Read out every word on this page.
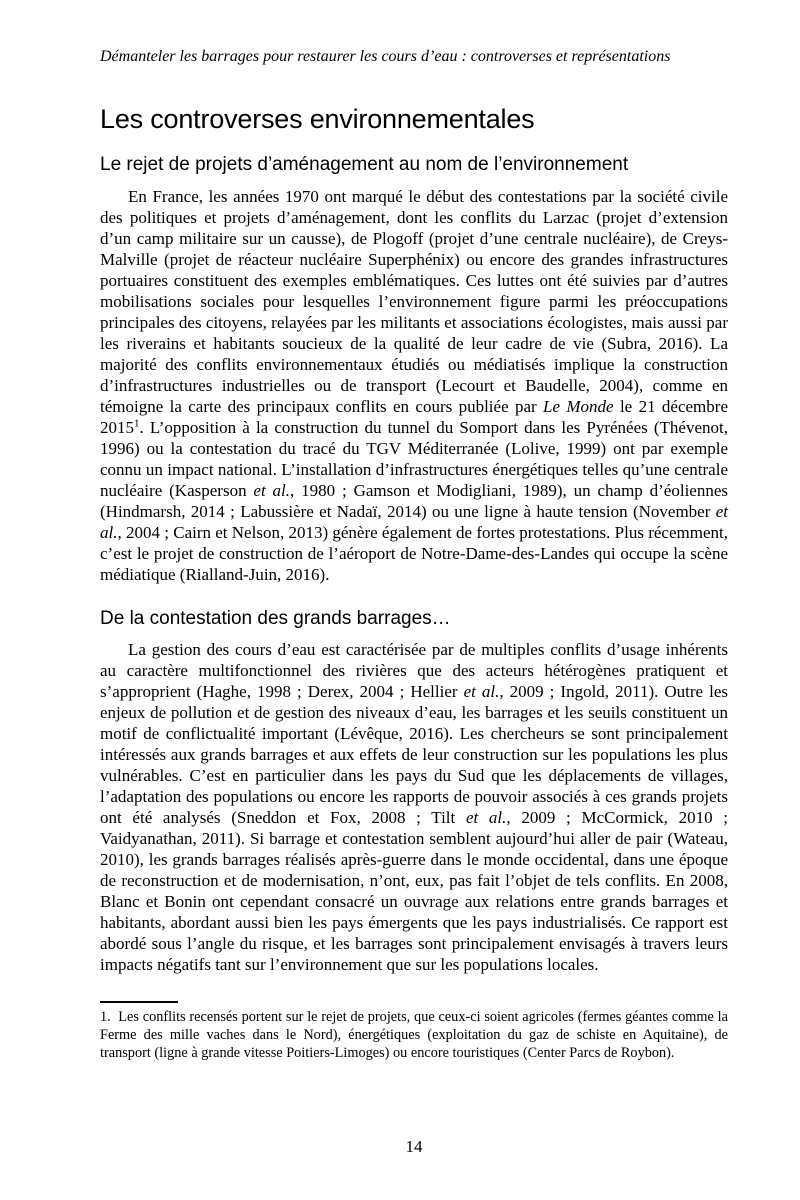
Démanteler les barrages pour restaurer les cours d’eau : controverses et représentations
Les controverses environnementales
Le rejet de projets d’aménagement au nom de l’environnement

En France, les années 1970 ont marqué le début des contestations par la société civile des politiques et projets d’aménagement, dont les conflits du Larzac (projet d’extension d’un camp militaire sur un causse), de Plogoff (projet d’une centrale nucléaire), de Creys-Malville (projet de réacteur nucléaire Superphénix) ou encore des grandes infrastructures portuaires constituent des exemples emblématiques. Ces luttes ont été suivies par d’autres mobilisations sociales pour lesquelles l’environnement figure parmi les préoccupations principales des citoyens, relayées par les militants et associations écologistes, mais aussi par les riverains et habitants soucieux de la qualité de leur cadre de vie (Subra, 2016). La majorité des conflits environnementaux étudiés ou médiatisés implique la construction d’infrastructures industrielles ou de transport (Lecourt et Baudelle, 2004), comme en témoigne la carte des principaux conflits en cours publiée par Le Monde le 21 décembre 2015$^1$. L’opposition à la construction du tunnel du Somport dans les Pyrénées (Thévenot, 1996) ou la contestation du tracé du TGV Méditerranée (Lolive, 1999) ont par exemple connu un impact national. L’installation d’infrastructures énergétiques telles qu’une centrale nucléaire (Kasperson et al., 1980 ; Gamson et Modigliani, 1989), un champ d’éoliennes (Hindmarsh, 2014 ; Labussière et Nadaï, 2014) ou une ligne à haute tension (November et al., 2004 ; Cairn et Nelson, 2013) génère également de fortes protestations. Plus récemment, c’est le projet de construction de l’aéroport de Notre-Dame-des-Landes qui occupe la scène médiatique (Rialland-Juin, 2016).

De la contestation des grands barrages…

La gestion des cours d’eau est caractérisée par de multiples conflits d’usage inhérents au caractère multifonctionnel des rivières que des acteurs hétérogènes pratiquent et s’approprient (Haghe, 1998 ; Derex, 2004 ; Hellier et al., 2009 ; Ingold, 2011). Outre les enjeux de pollution et de gestion des niveaux d’eau, les barrages et les seuils constituent un motif de conflictualité important (Lévêque, 2016). Les chercheurs se sont principalement intéressés aux grands barrages et aux effets de leur construction sur les populations les plus vulnérables. C’est en particulier dans les pays du Sud que les déplacements de villages, l’adaptation des populations ou encore les rapports de pouvoir associés à ces grands projets ont été analysés (Sneddon et Fox, 2008 ; Tilt et al., 2009 ; McCormick, 2010 ; Vaidyanathan, 2011). Si barrage et contestation semblent aujourd’hui aller de pair (Wateau, 2010), les grands barrages réalisés après-guerre dans le monde occidental, dans une époque de reconstruction et de modernisation, n’ont, eux, pas fait l’objet de tels conflits. En 2008, Blanc et Bonin ont cependant consacré un ouvrage aux relations entre grands barrages et habitants, abordant aussi bien les pays émergents que les pays industrialisés. Ce rapport est abordé sous l’angle du risque, et les barrages sont principalement envisagés à travers leurs impacts négatifs tant sur l’environnement que sur les populations locales.

1.  Les conflits recensés portent sur le rejet de projets, que ceux-ci soient agricoles (fermes géantes comme la Ferme des mille vaches dans le Nord), énergétiques (exploitation du gaz de schiste en Aquitaine), de transport (ligne à grande vitesse Poitiers-Limoges) ou encore touristiques (Center Parcs de Roybon).

14
